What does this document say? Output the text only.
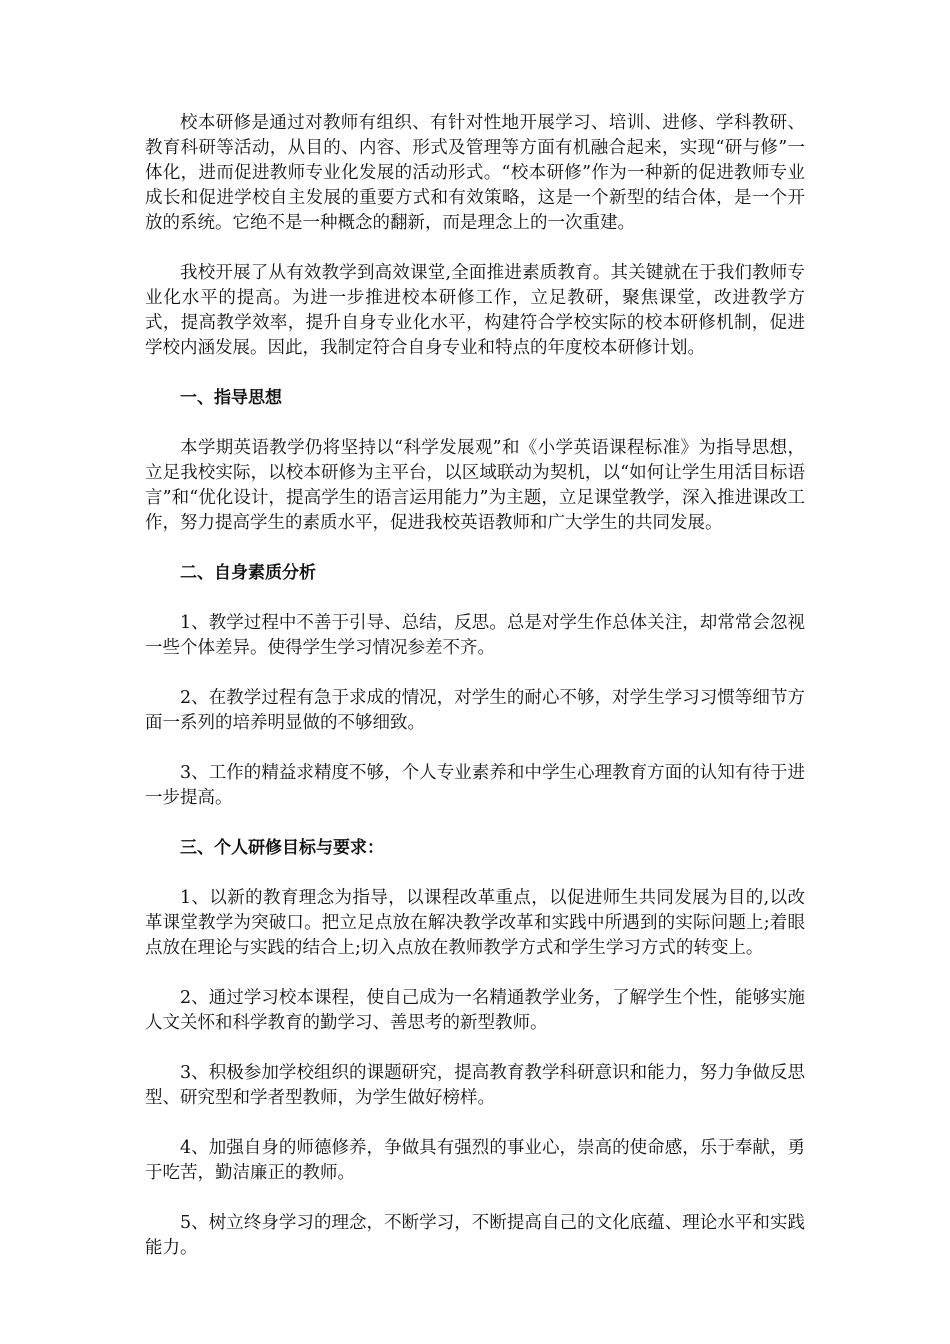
校本研修是通过对教师有组织、有针对性地开展学习、培训、进修、学科教研、教育科研等活动，从目的、内容、形式及管理等方面有机融合起来，实现“研与修”一体化，进而促进教师专业化发展的活动形式。“校本研修”作为一种新的促进教师专业成长和促进学校自主发展的重要方式和有效策略，这是一个新型的结合体，是一个开放的系统。它绝不是一种概念的翻新，而是理念上的一次重建。

我校开展了从有效教学到高效课堂,全面推进素质教育。其关键就在于我们教师专业化水平的提高。为进一步推进校本研修工作，立足教研，聚焦课堂，改进教学方式，提高教学效率，提升自身专业化水平，构建符合学校实际的校本研修机制，促进学校内涵发展。因此，我制定符合自身专业和特点的年度校本研修计划。

一、指导思想

本学期英语教学仍将坚持以“科学发展观”和《小学英语课程标准》为指导思想，立足我校实际，以校本研修为主平台，以区域联动为契机，以“如何让学生用活目标语言”和“优化设计，提高学生的语言运用能力”为主题，立足课堂教学，深入推进课改工作，努力提高学生的素质水平，促进我校英语教师和广大学生的共同发展。

二、自身素质分析

1、教学过程中不善于引导、总结，反思。总是对学生作总体关注，却常常会忽视一些个体差异。使得学生学习情况参差不齐。

2、在教学过程有急于求成的情况，对学生的耐心不够，对学生学习习惯等细节方面一系列的培养明显做的不够细致。

3、工作的精益求精度不够，个人专业素养和中学生心理教育方面的认知有待于进一步提高。

三、个人研修目标与要求：

1、以新的教育理念为指导，以课程改革重点，以促进师生共同发展为目的,以改革课堂教学为突破口。把立足点放在解决教学改革和实践中所遇到的实际问题上;着眼点放在理论与实践的结合上;切入点放在教师教学方式和学生学习方式的转变上。

2、通过学习校本课程，使自己成为一名精通教学业务，了解学生个性，能够实施人文关怀和科学教育的勤学习、善思考的新型教师。

3、积极参加学校组织的课题研究，提高教育教学科研意识和能力，努力争做反思型、研究型和学者型教师，为学生做好榜样。

4、加强自身的师德修养，争做具有强烈的事业心，崇高的使命感，乐于奉献，勇于吃苦，勤洁廉正的教师。

5、树立终身学习的理念，不断学习，不断提高自己的文化底蕴、理论水平和实践能力。
